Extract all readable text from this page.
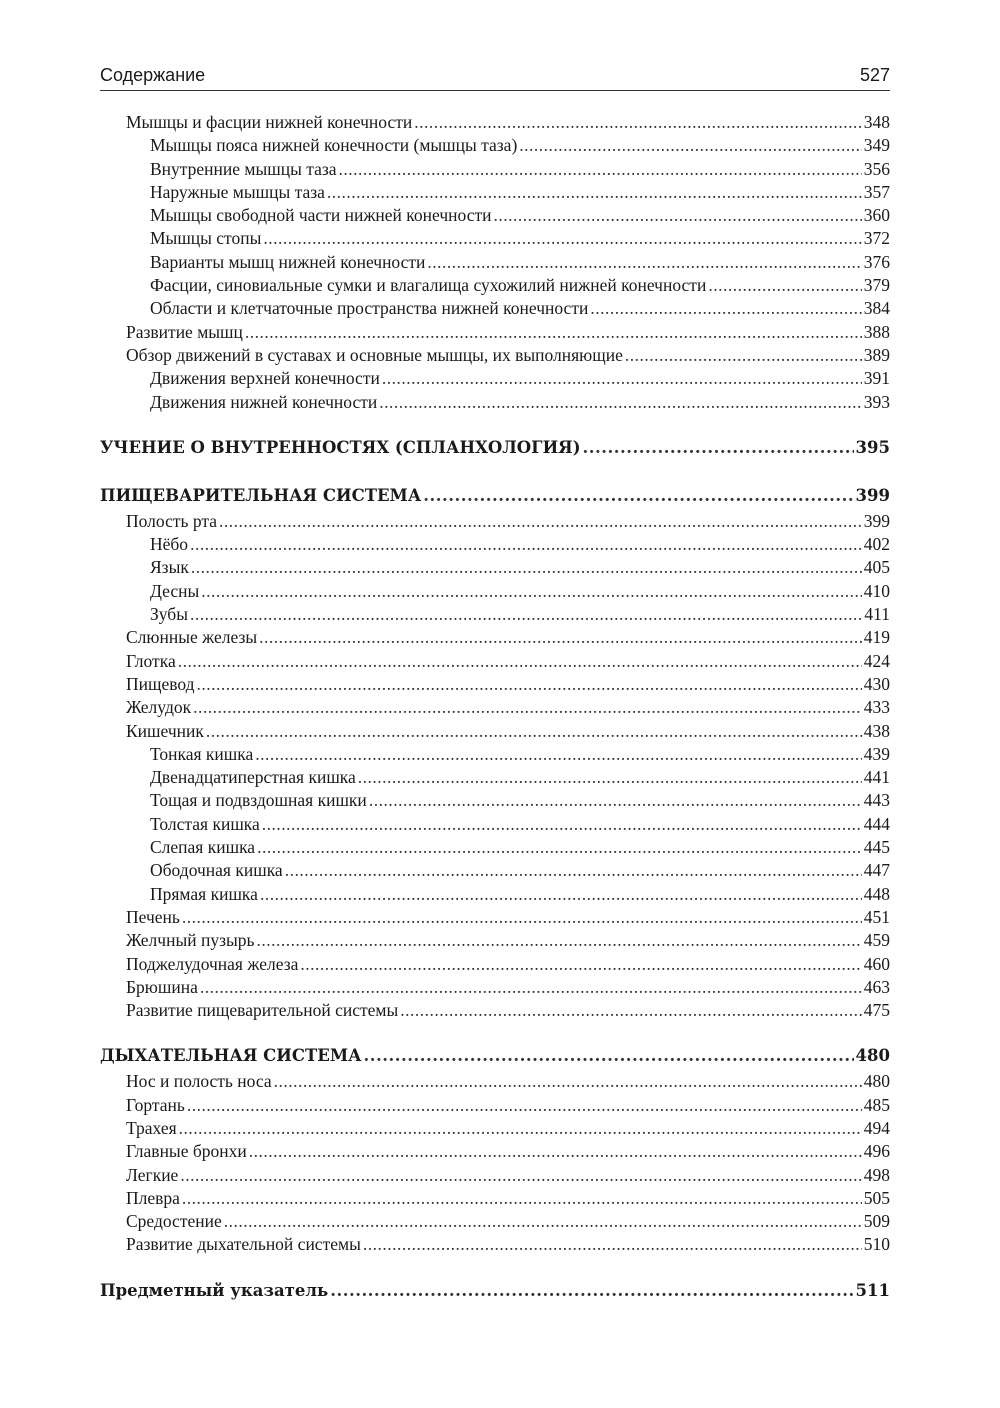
Содержание	527
Мышцы и фасции нижней конечности .....	348
Мышцы пояса нижней конечности (мышцы таза) .....	349
Внутренние мышцы таза .....	356
Наружные мышцы таза .....	357
Мышцы свободной части нижней конечности .....	360
Мышцы стопы .....	372
Варианты мышц нижней конечности .....	376
Фасции, синовиальные сумки и влагалища сухожилий нижней конечности .....	379
Области и клетчаточные пространства нижней конечности .....	384
Развитие мышц .....	388
Обзор движений в суставах и основные мышцы, их выполняющие .....	389
Движения верхней конечности .....	391
Движения нижней конечности .....	393
УЧЕНИЕ О ВНУТРЕННОСТЯХ (СПЛАНХОЛОГИЯ) .....	395
ПИЩЕВАРИТЕЛЬНАЯ СИСТЕМА .....	399
Полость рта .....	399
Нёбо .....	402
Язык .....	405
Десны .....	410
Зубы .....	411
Слюнные железы .....	419
Глотка .....	424
Пищевод .....	430
Желудок .....	433
Кишечник .....	438
Тонкая кишка .....	439
Двенадцатиперстная кишка .....	441
Тощая и подвздошная кишки .....	443
Толстая кишка .....	444
Слепая кишка .....	445
Ободочная кишка .....	447
Прямая кишка .....	448
Печень .....	451
Желчный пузырь .....	459
Поджелудочная железа .....	460
Брюшина .....	463
Развитие пищеварительной системы .....	475
ДЫХАТЕЛЬНАЯ СИСТЕМА .....	480
Нос и полость носа .....	480
Гортань .....	485
Трахея .....	494
Главные бронхи .....	496
Легкие .....	498
Плевра .....	505
Средостение .....	509
Развитие дыхательной системы .....	510
Предметный указатель .....	511
